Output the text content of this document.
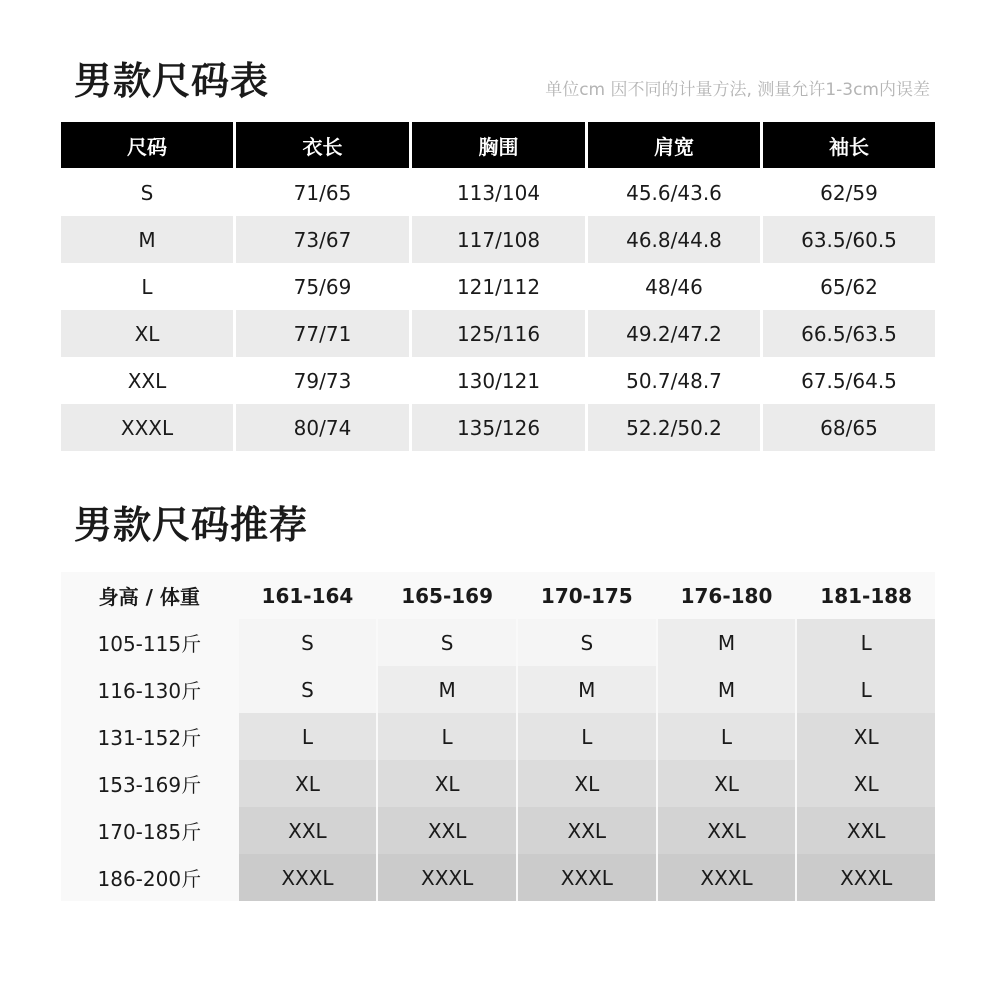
男款尺码表	单位cm 因不同的计量方法, 测量允许1-3cm内误差
尺码	衣长	胸围	肩宽	袖长
S	71/65	113/104	45.6/43.6	62/59
M	73/67	117/108	46.8/44.8	63.5/60.5
L	75/69	121/112	48/46	65/62
XL	77/71	125/116	49.2/47.2	66.5/63.5
XXL	79/73	130/121	50.7/48.7	67.5/64.5
XXXL	80/74	135/126	52.2/50.2	68/65
男款尺码推荐
身高 / 体重	161-164	165-169	170-175	176-180	181-188
105-115斤	S	S	S	M	L
116-130斤	S	M	M	M	L
131-152斤	L	L	L	L	XL
153-169斤	XL	XL	XL	XL	XL
170-185斤	XXL	XXL	XXL	XXL	XXL
186-200斤	XXXL	XXXL	XXXL	XXXL	XXXL
